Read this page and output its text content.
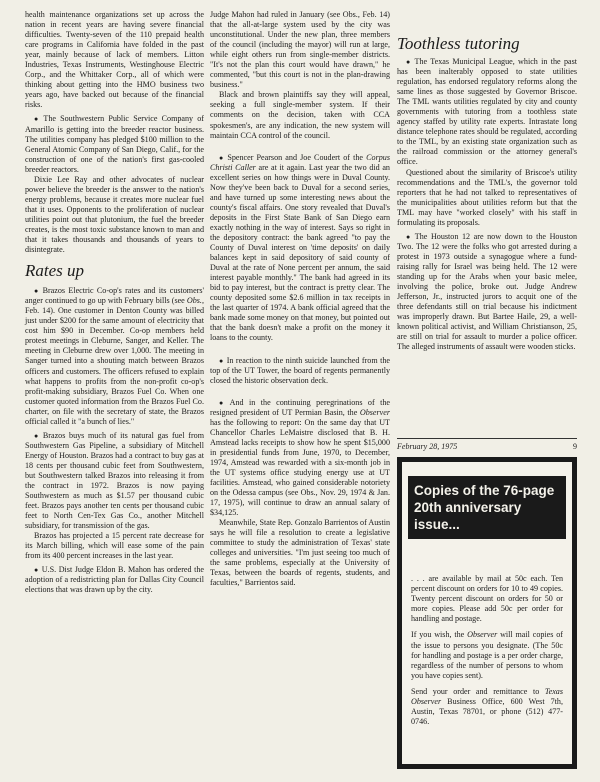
health maintenance organizations set up across the nation in recent years are having severe financial difficulties. Twenty-seven of the 110 prepaid health care programs in California have folded in the past year, mainly because of lack of members. Litton Industries, Texas Instruments, Westinghouse Electric Corp., and the Whittaker Corp., all of which were thinking about getting into the HMO business two years ago, have backed out because of the financial risks.

● The Southwestern Public Service Company of Amarillo is getting into the breeder reactor business. The utilities company has pledged $100 million to the General Atomic Company of San Diego, Calif., for the construction of one of the nation's first gas-cooled breeder reactors.

Dixie Lee Ray and other advocates of nuclear power believe the breeder is the answer to the nation's energy problems, because it creates more nuclear fuel that it uses. Opponents to the proliferation of nuclear utilities point out that plutonium, the fuel the breeder creates, is the most toxic substance known to man and that it takes thousands and thousands of years to disintegrate.

Rates up

● Brazos Electric Co-op's rates and its customers' anger continued to go up with February bills (see Obs., Feb. 14). One customer in Denton County was billed just under $200 for the same amount of electricity that cost him $90 in December. Co-op members held protest meetings in Cleburne, Sanger, and Keller. The meeting in Cleburne drew over 1,000. The meeting in Sanger turned into a shouting match between Brazos officers and customers. The officers refused to explain what happens to profits from the non-profit co-op's profit-making subsidiary, Brazos Fuel Co. When one customer quoted information from the Brazos Fuel Co. charter, on file with the secretary of state, the Brazos official called it "a bunch of lies."

● Brazos buys much of its natural gas fuel from Southwestern Gas Pipeline, a subsidiary of Mitchell Energy of Houston. Brazos had a contract to buy gas at 18 cents per thousand cubic feet from Southwestern, but Southwestern talked Brazos into releasing it from the contract in 1972. Brazos is now paying Southwestern as much as $1.57 per thousand cubic feet. Brazos pays another ten cents per thousand cubic feet to North Cen-Tex Gas Co., another Mitchell subsidiary, for transmission of the gas.

Brazos has projected a 15 percent rate decrease for its March billing, which will ease some of the pain from its 400 percent increases in the last year.

● U.S. Dist Judge Eldon B. Mahon has ordered the adoption of a redistricting plan for Dallas City Council elections that was drawn up by the city.

Judge Mahon had ruled in January (see Obs., Feb. 14) that the all-at-large system used by the city was unconstitutional. Under the new plan, three members of the council (including the mayor) will run at large, while eight others run from single-member districts. "It's not the plan this court would have drawn," he commented, "but this court is not in the plan-drawing business."

Black and brown plaintiffs say they will appeal, seeking a full single-member system. If their comments on the decision, taken with CCA spokesmen's, are any indication, the new system will maintain CCA control of the council.

● Spencer Pearson and Joe Coudert of the Corpus Christi Caller are at it again. Last year the two did an excellent series on how things were in Duval County. Now they've been back to Duval for a second series, and have turned up some interesting news about the county's fiscal affairs. One story revealed that Duval's deposits in the First State Bank of San Diego earn exactly nothing in the way of interest. Says so right in the depository contract: the bank agreed "to pay the County of Duval interest on 'time deposits' on daily balances kept in said depository of said county of Duval at the rate of None percent per annum, the said interest payable monthly." The bank had agreed in its bid to pay interest, but the contract is pretty clear. The county deposited some $2.6 million in tax receipts in the last quarter of 1974. A bank official agreed that the bank made some money on that money, but pointed out that the bank doesn't make a profit on the money it loans to the county.

● In reaction to the ninth suicide launched from the top of the UT Tower, the board of regents permanently closed the historic observation deck.

● And in the continuing peregrinations of the resigned president of UT Permian Basin, the Observer has the following to report: On the same day that UT Chancellor Charles LeMaistre disclosed that B. H. Amstead lacks receipts to show how he spent $15,000 in presidential funds from June, 1970, to December, 1974, Amstead was rewarded with a six-month job in the UT systems office studying energy use at UT facilities. Amstead, who gained considerable notoriety on the Odessa campus (see Obs., Nov. 29, 1974 & Jan. 17, 1975), will continue to draw an annual salary of $34,125.

Meanwhile, State Rep. Gonzalo Barrientos of Austin says he will file a resolution to create a legislative committee to study the administration of Texas' state colleges and universities. "I'm just seeing too much of the same problems, especially at the University of Texas, between the boards of regents, students, and faculties," Barrientos said.

Toothless tutoring

● The Texas Municipal League, which in the past has been inalterably opposed to state utilities regulation, has endorsed regulatory reforms along the same lines as those suggested by Governor Briscoe. The TML wants utilities regulated by city and county governments with tutoring from a toothless state agency staffed by utility rate experts. Intrastate long distance telephone rates should be regulated, according to the TML, by an existing state organization such as the railroad commission or the attorney general's office.

Questioned about the similarity of Briscoe's utility recommendations and the TML's, the governor told reporters that he had not talked to representatives of the municipalities about utilities reform but that the TML may have "worked closely" with his staff in formulating its proposals.

● The Houston 12 are now down to the Houston Two. The 12 were the folks who got arrested during a protest in 1973 outside a synagogue where a fund-raising rally for Israel was being held. The 12 were standing up for the Arabs when your basic melee, involving the police, broke out. Judge Andrew Jefferson, Jr., instructed jurors to acquit one of the three defendants still on trial because his indictment was improperly drawn. But Bartee Haile, 29, a well-known political activist, and William Christianson, 25, are still on trial for assault to murder a police officer. The alleged instruments of assault were wooden sticks.

February 28, 1975	9
Copies of the 76-page 20th anniversary issue...

. . . are available by mail at 50c each. Ten percent discount on orders for 10 to 49 copies. Twenty percent discount on orders for 50 or more copies. Please add 50c per order for handling and postage.

If you wish, the Observer will mail copies of the issue to persons you designate. (The 50c for handling and postage is a per order charge, regardless of the number of persons to whom you have copies sent).

Send your order and remittance to Texas Observer Business Office, 600 West 7th, Austin, Texas 78701, or phone (512) 477-0746.
